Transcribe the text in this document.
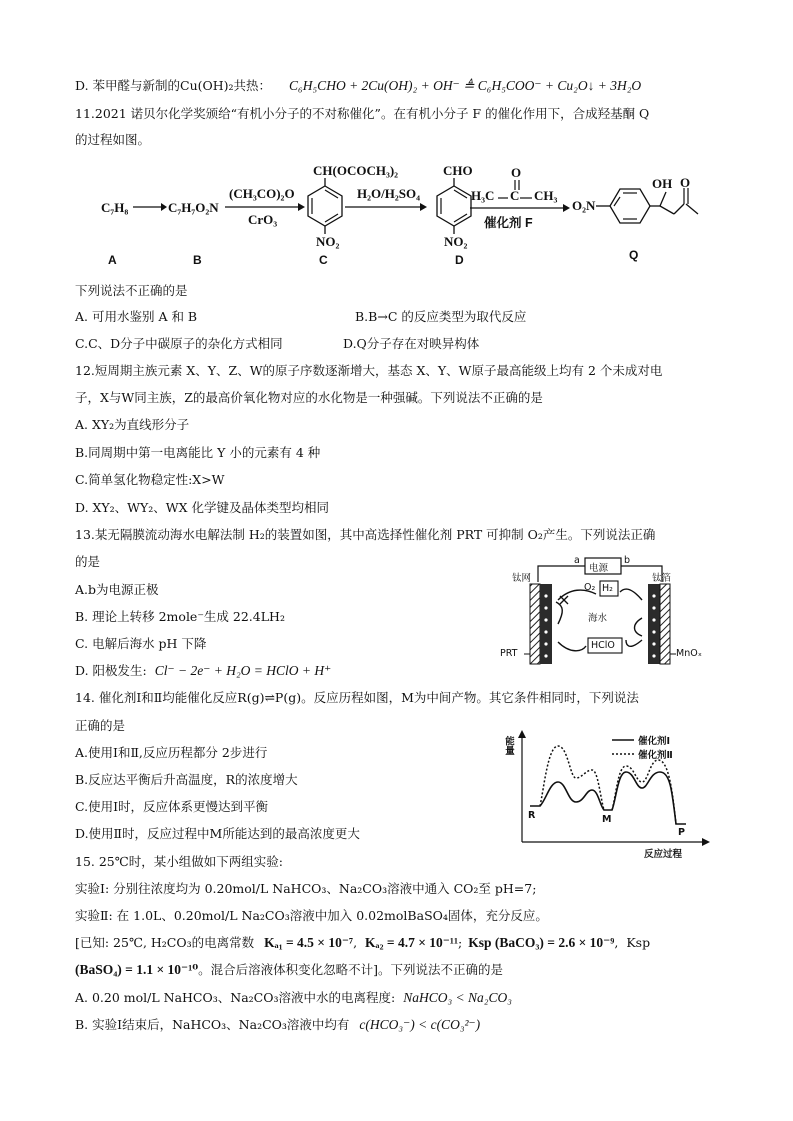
D. 苯甲醛与新制的Cu(OH)₂共热： C₆H₅CHO + 2Cu(OH)₂ + OH⁻ ≜ C₆H₅COO⁻ + Cu₂O↓ + 3H₂O
11.2021 诺贝尔化学奖颁给“有机小分子的不对称催化”。在有机小分子 F 的催化作用下，合成羟基酮 Q
的过程如图。
C₇H₈	C₇H₇O₂N
(CH₃CO)₂O
CrO₃
CH(OCOCH₃)₂
NO₂
H₂O/H₂SO₄
CHO
NO₂
O
H₃C C CH₃
催化剂 F
O₂N
OH O
A	B	C	D	Q
下列说法不正确的是
A. 可用水鉴别 A 和 B	B.B→C 的反应类型为取代反应
C.C、D分子中碳原子的杂化方式相同	D.Q分子存在对映异构体
12.短周期主族元素 X、Y、Z、W的原子序数逐渐增大，基态 X、Y、W原子最高能级上均有 2 个未成对电
子，X与W同主族，Z的最高价氧化物对应的水化物是一种强碱。下列说法不正确的是
A. XY₂为直线形分子
B.同周期中第一电离能比 Y 小的元素有 4 种
C.简单氢化物稳定性:X>W
D. XY₂、WY₂、WX 化学键及晶体类型均相同
13.某无隔膜流动海水电解法制 H₂的装置如图，其中高选择性催化剂 PRT 可抑制 O₂产生。下列说法正确
的是
A.b为电源正极
B. 理论上转移 2mole⁻生成 22.4LH₂
C. 电解后海水 pH 下降
D. 阳极发生: Cl⁻ − 2e⁻ + H₂O = HClO + H⁺
a	b
电源
钛网	钛箔
O₂ H₂
海水
HClO
PRT	MnOₓ
14. 催化剂Ⅰ和Ⅱ均能催化反应R(g)⇌P(g)。反应历程如图，M为中间产物。其它条件相同时，下列说法
正确的是
A.使用Ⅰ和Ⅱ,反应历程都分 2步进行
B.反应达平衡后升高温度，R的浓度增大
C.使用Ⅰ时，反应体系更慢达到平衡
D.使用Ⅱ时，反应过程中M所能达到的最高浓度更大
能量	催化剂Ⅰ
催化剂Ⅱ
R	M
P
反应过程
15. 25℃时，某小组做如下两组实验:
实验Ⅰ: 分别往浓度均为 0.20mol/L NaHCO₃、Na₂CO₃溶液中通入 CO₂至 pH=7;
实验Ⅱ: 在 1.0L、0.20mol/L Na₂CO₃溶液中加入 0.02molBaSO₄固体，充分反应。
[已知: 25℃, H₂CO₃的电离常数 Kₐ₁ = 4.5 × 10⁻⁷, Kₐ₂ = 4.7 × 10⁻¹¹; Ksp (BaCO₃) = 2.6 × 10⁻⁹, Ksp
(BaSO₄) = 1.1 × 10⁻¹⁰。混合后溶液体积变化忽略不计]。下列说法不正确的是
A. 0.20 mol/L NaHCO₃、Na₂CO₃溶液中水的电离程度: NaHCO₃ < Na₂CO₃
B. 实验Ⅰ结束后，NaHCO₃、Na₂CO₃溶液中均有 c(HCO₃⁻) < c(CO₃²⁻)
